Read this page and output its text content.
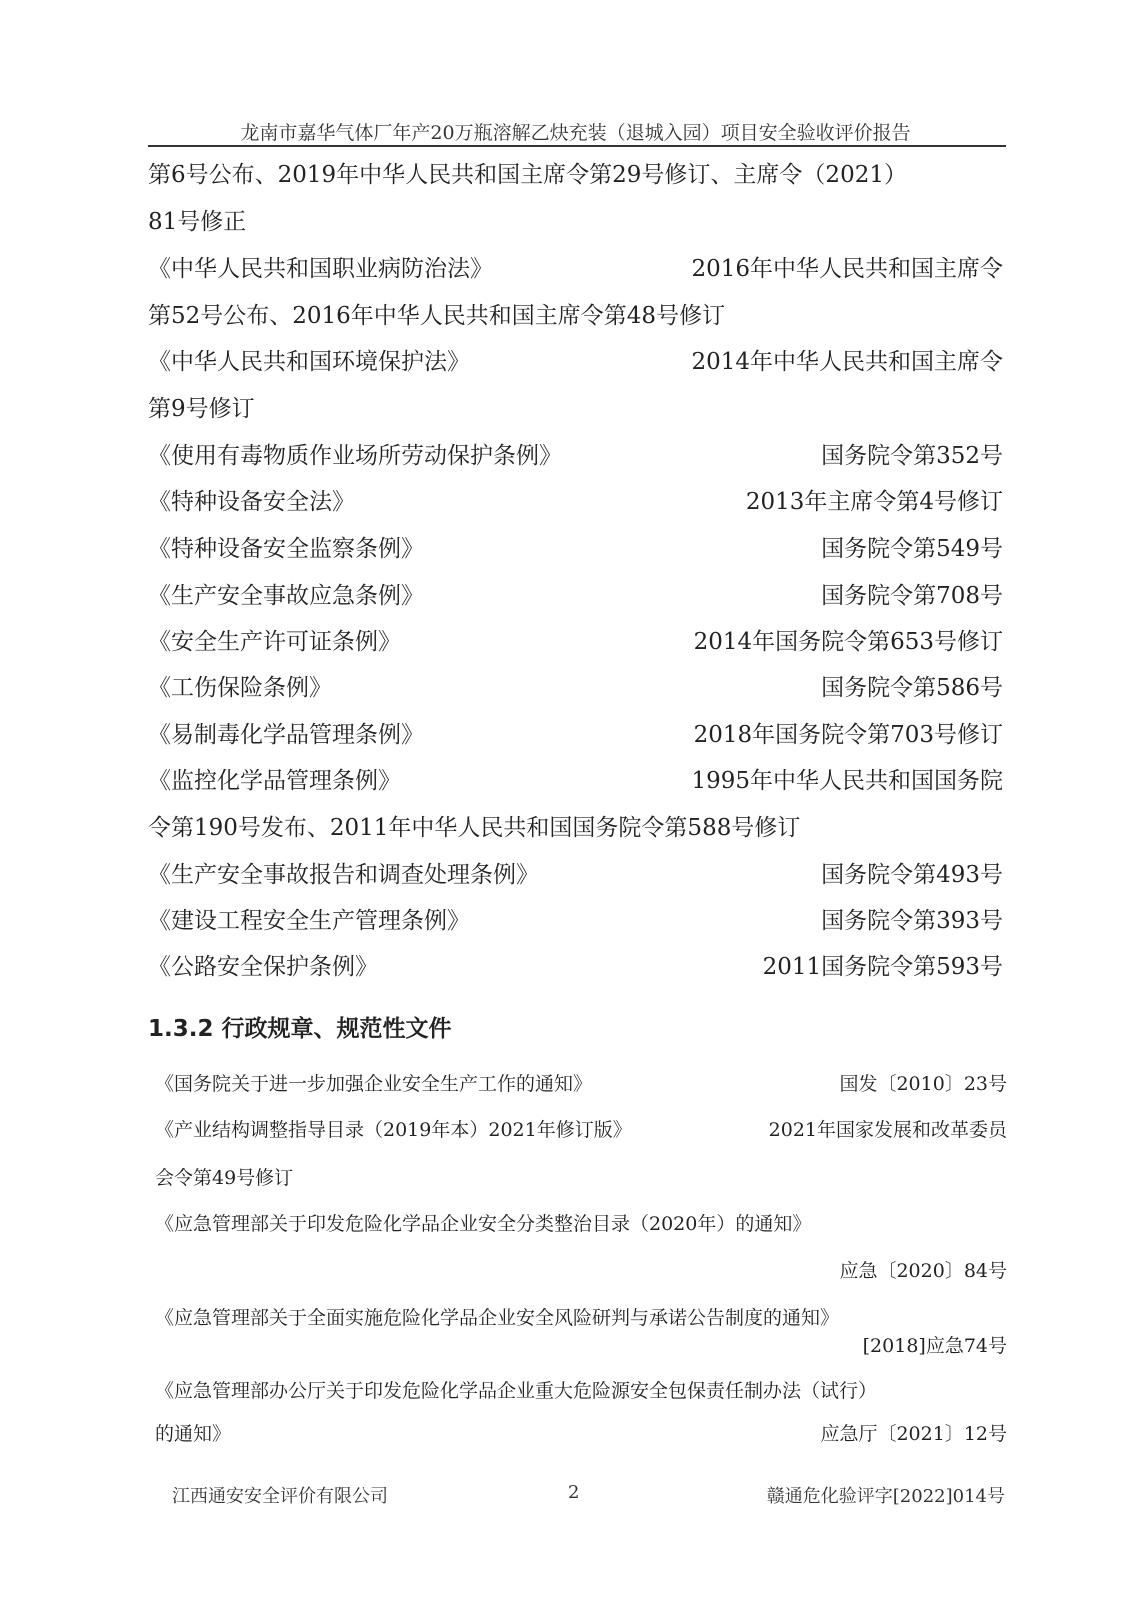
龙南市嘉华气体厂年产20万瓶溶解乙炔充装（退城入园）项目安全验收评价报告
第6号公布、2019年中华人民共和国主席令第29号修订、主席令（2021）
81号修正
《中华人民共和国职业病防治法》	2016年中华人民共和国主席令
第52号公布、2016年中华人民共和国主席令第48号修订
《中华人民共和国环境保护法》	2014年中华人民共和国主席令
第9号修订
《使用有毒物质作业场所劳动保护条例》	国务院令第352号
《特种设备安全法》	2013年主席令第4号修订
《特种设备安全监察条例》	国务院令第549号
《生产安全事故应急条例》	国务院令第708号
《安全生产许可证条例》	2014年国务院令第653号修订
《工伤保险条例》	国务院令第586号
《易制毒化学品管理条例》	2018年国务院令第703号修订
《监控化学品管理条例》	1995年中华人民共和国国务院
令第190号发布、2011年中华人民共和国国务院令第588号修订
《生产安全事故报告和调查处理条例》	国务院令第493号
《建设工程安全生产管理条例》	国务院令第393号
《公路安全保护条例》	2011国务院令第593号
1.3.2 行政规章、规范性文件
《国务院关于进一步加强企业安全生产工作的通知》	国发〔2010〕23号
《产业结构调整指导目录（2019年本）2021年修订版》	2021年国家发展和改革委员
会令第49号修订
《应急管理部关于印发危险化学品企业安全分类整治目录（2020年）的通知》
应急〔2020〕84号
《应急管理部关于全面实施危险化学品企业安全风险研判与承诺公告制度的通知》
[2018]应急74号
《应急管理部办公厅关于印发危险化学品企业重大危险源安全包保责任制办法（试行）
的通知》	应急厅〔2021〕12号
江西通安安全评价有限公司	2	赣通危化验评字[2022]014号
